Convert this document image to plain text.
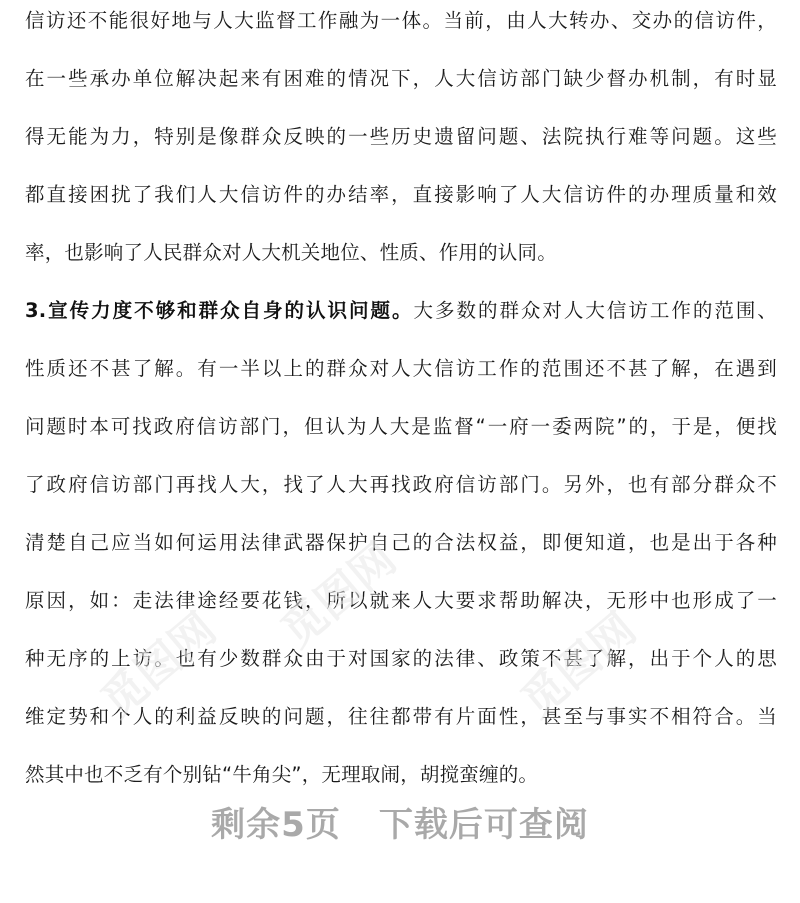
信访还不能很好地与人大监督工作融为一体。当前，由人大转办、交办的信访件，
在一些承办单位解决起来有困难的情况下，人大信访部门缺少督办机制，有时显
得无能为力，特别是像群众反映的一些历史遗留问题、法院执行难等问题。这些
都直接困扰了我们人大信访件的办结率，直接影响了人大信访件的办理质量和效
率，也影响了人民群众对人大机关地位、性质、作用的认同。
3.宣传力度不够和群众自身的认识问题。大多数的群众对人大信访工作的范围、
性质还不甚了解。有一半以上的群众对人大信访工作的范围还不甚了解，在遇到
问题时本可找政府信访部门，但认为人大是监督“一府一委两院”的，于是，便找
了政府信访部门再找人大，找了人大再找政府信访部门。另外，也有部分群众不
清楚自己应当如何运用法律武器保护自己的合法权益，即便知道，也是出于各种
原因，如：走法律途经要花钱，所以就来人大要求帮助解决，无形中也形成了一
种无序的上访。也有少数群众由于对国家的法律、政策不甚了解，出于个人的思
维定势和个人的利益反映的问题，往往都带有片面性，甚至与事实不相符合。当
然其中也不乏有个别钻“牛角尖”，无理取闹，胡搅蛮缠的。
觅图网
觅图网	觅图网
剩余5页 下载后可查阅
